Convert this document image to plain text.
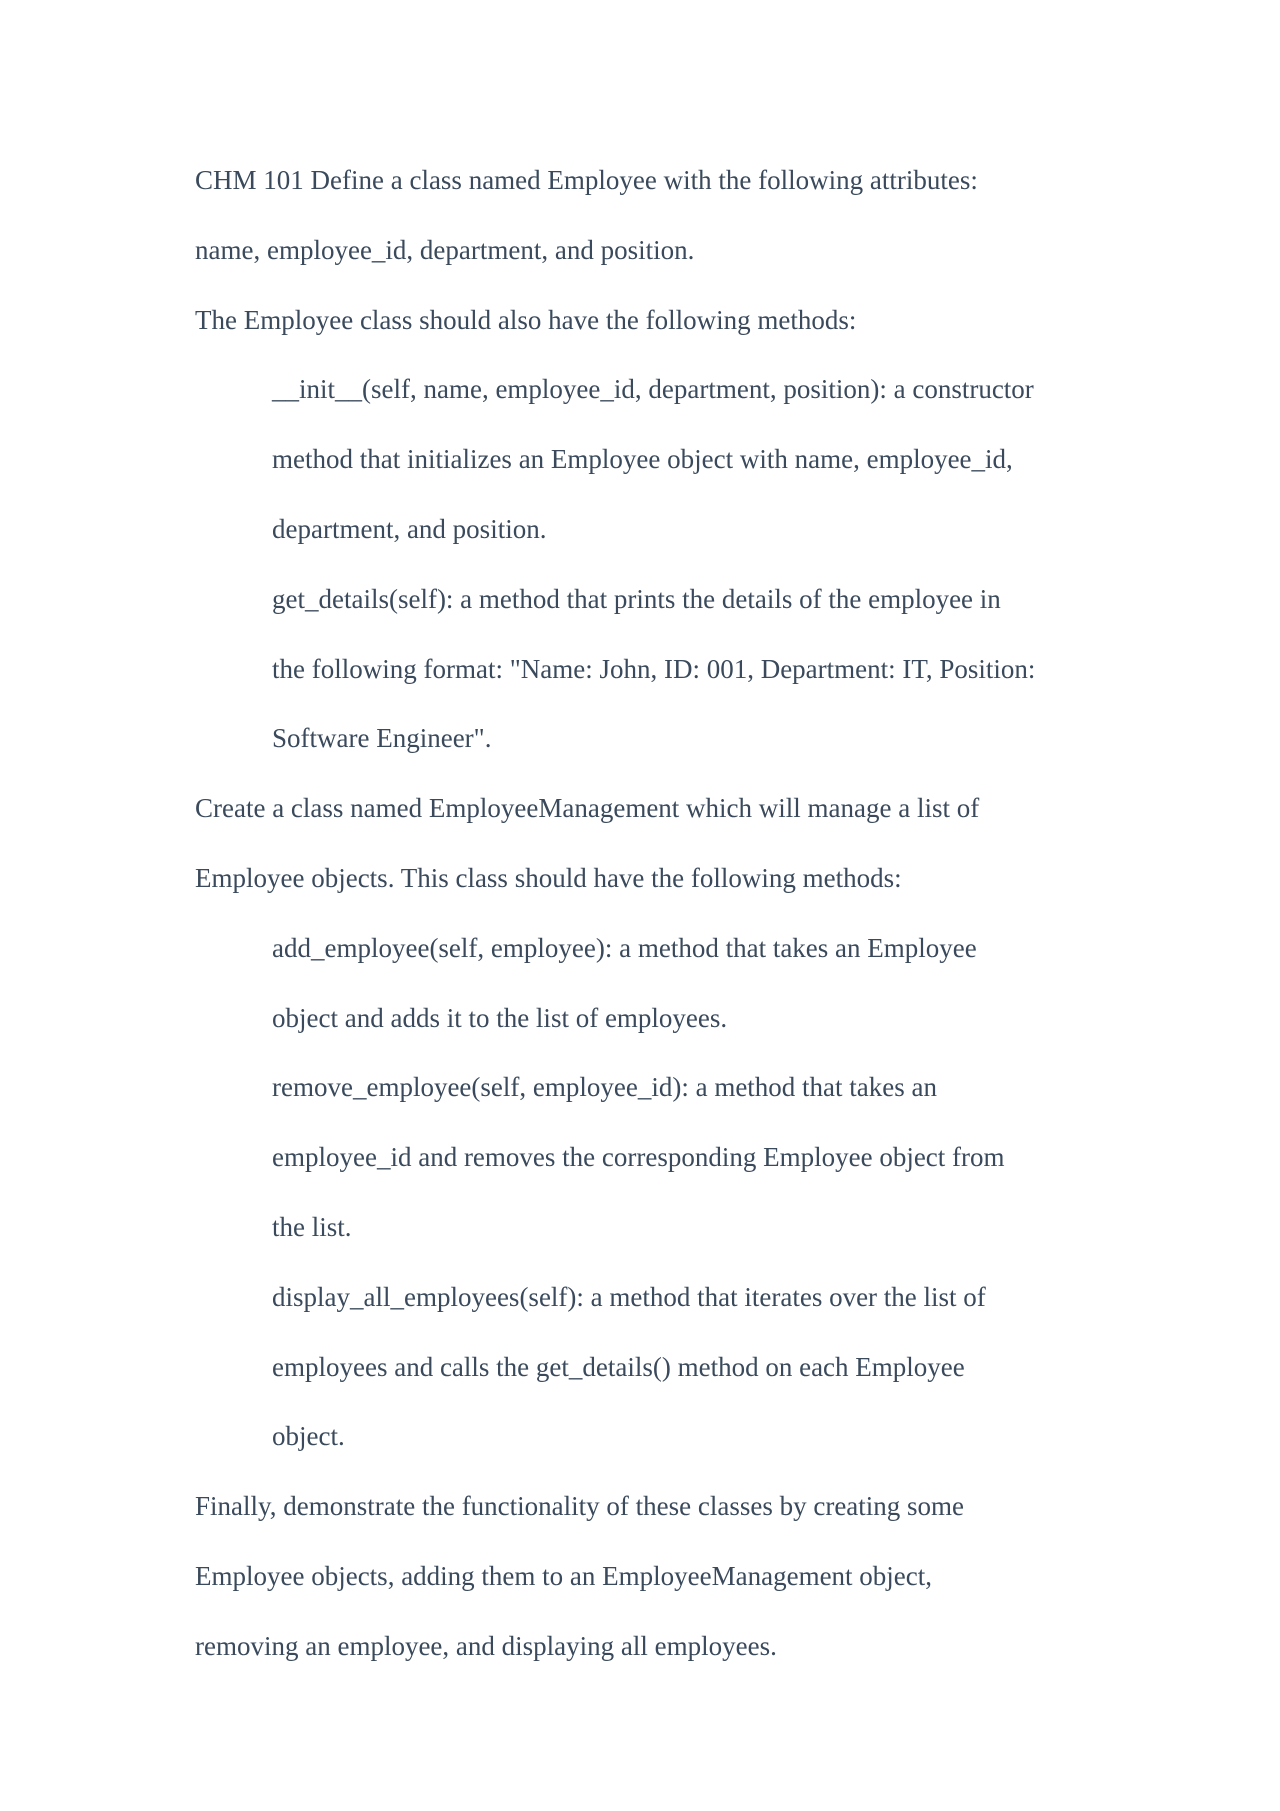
CHM 101 Define a class named Employee with the following attributes:
name, employee_id, department, and position.
The Employee class should also have the following methods:
__init__(self, name, employee_id, department, position): a constructor
method that initializes an Employee object with name, employee_id,
department, and position.
get_details(self): a method that prints the details of the employee in
the following format: "Name: John, ID: 001, Department: IT, Position:
Software Engineer".
Create a class named EmployeeManagement which will manage a list of
Employee objects. This class should have the following methods:
add_employee(self, employee): a method that takes an Employee
object and adds it to the list of employees.
remove_employee(self, employee_id): a method that takes an
employee_id and removes the corresponding Employee object from
the list.
display_all_employees(self): a method that iterates over the list of
employees and calls the get_details() method on each Employee
object.
Finally, demonstrate the functionality of these classes by creating some
Employee objects, adding them to an EmployeeManagement object,
removing an employee, and displaying all employees.
